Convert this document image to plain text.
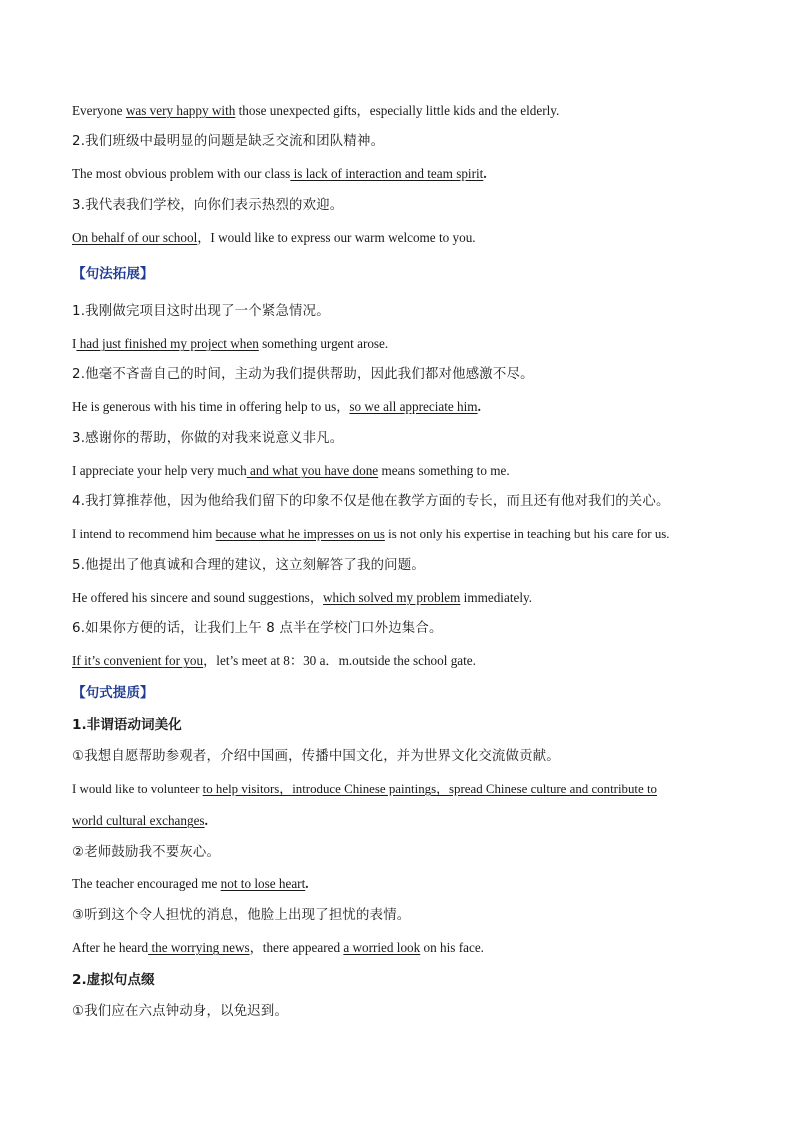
Everyone was very happy with those unexpected gifts，especially little kids and the elderly.
2.我们班级中最明显的问题是缺乏交流和团队精神。
The most obvious problem with our class is lack of interaction and team spirit.
3.我代表我们学校，向你们表示热烈的欢迎。
On behalf of our school，I would like to express our warm welcome to you.
【句法拓展】
1.我刚做完项目这时出现了一个紧急情况。
I had just finished my project when something urgent arose.
2.他毫不吝啬自己的时间，主动为我们提供帮助，因此我们都对他感激不尽。
He is generous with his time in offering help to us，so we all appreciate him.
3.感谢你的帮助，你做的对我来说意义非凡。
I appreciate your help very much and what you have done means something to me.
4.我打算推荐他，因为他给我们留下的印象不仅是他在教学方面的专长，而且还有他对我们的关心。
I intend to recommend him because what he impresses on us is not only his expertise in teaching but his care for us.
5.他提出了他真诚和合理的建议，这立刻解答了我的问题。
He offered his sincere and sound suggestions，which solved my problem immediately.
6.如果你方便的话，让我们上午 8 点半在学校门口外边集合。
If it’s convenient for you，let’s meet at 8：30 a．m.outside the school gate.
【句式提质】
1.非谓语动词美化
①我想自愿帮助参观者，介绍中国画，传播中国文化，并为世界文化交流做贡献。
I would like to volunteer to help visitors，introduce Chinese paintings，spread Chinese culture and contribute to
world cultural exchanges.
②老师鼓励我不要灰心。
The teacher encouraged me not to lose heart.
③听到这个令人担忧的消息，他脸上出现了担忧的表情。
After he heard the worrying news，there appeared a worried look on his face.
2.虚拟句点缀
①我们应在六点钟动身，以免迟到。
